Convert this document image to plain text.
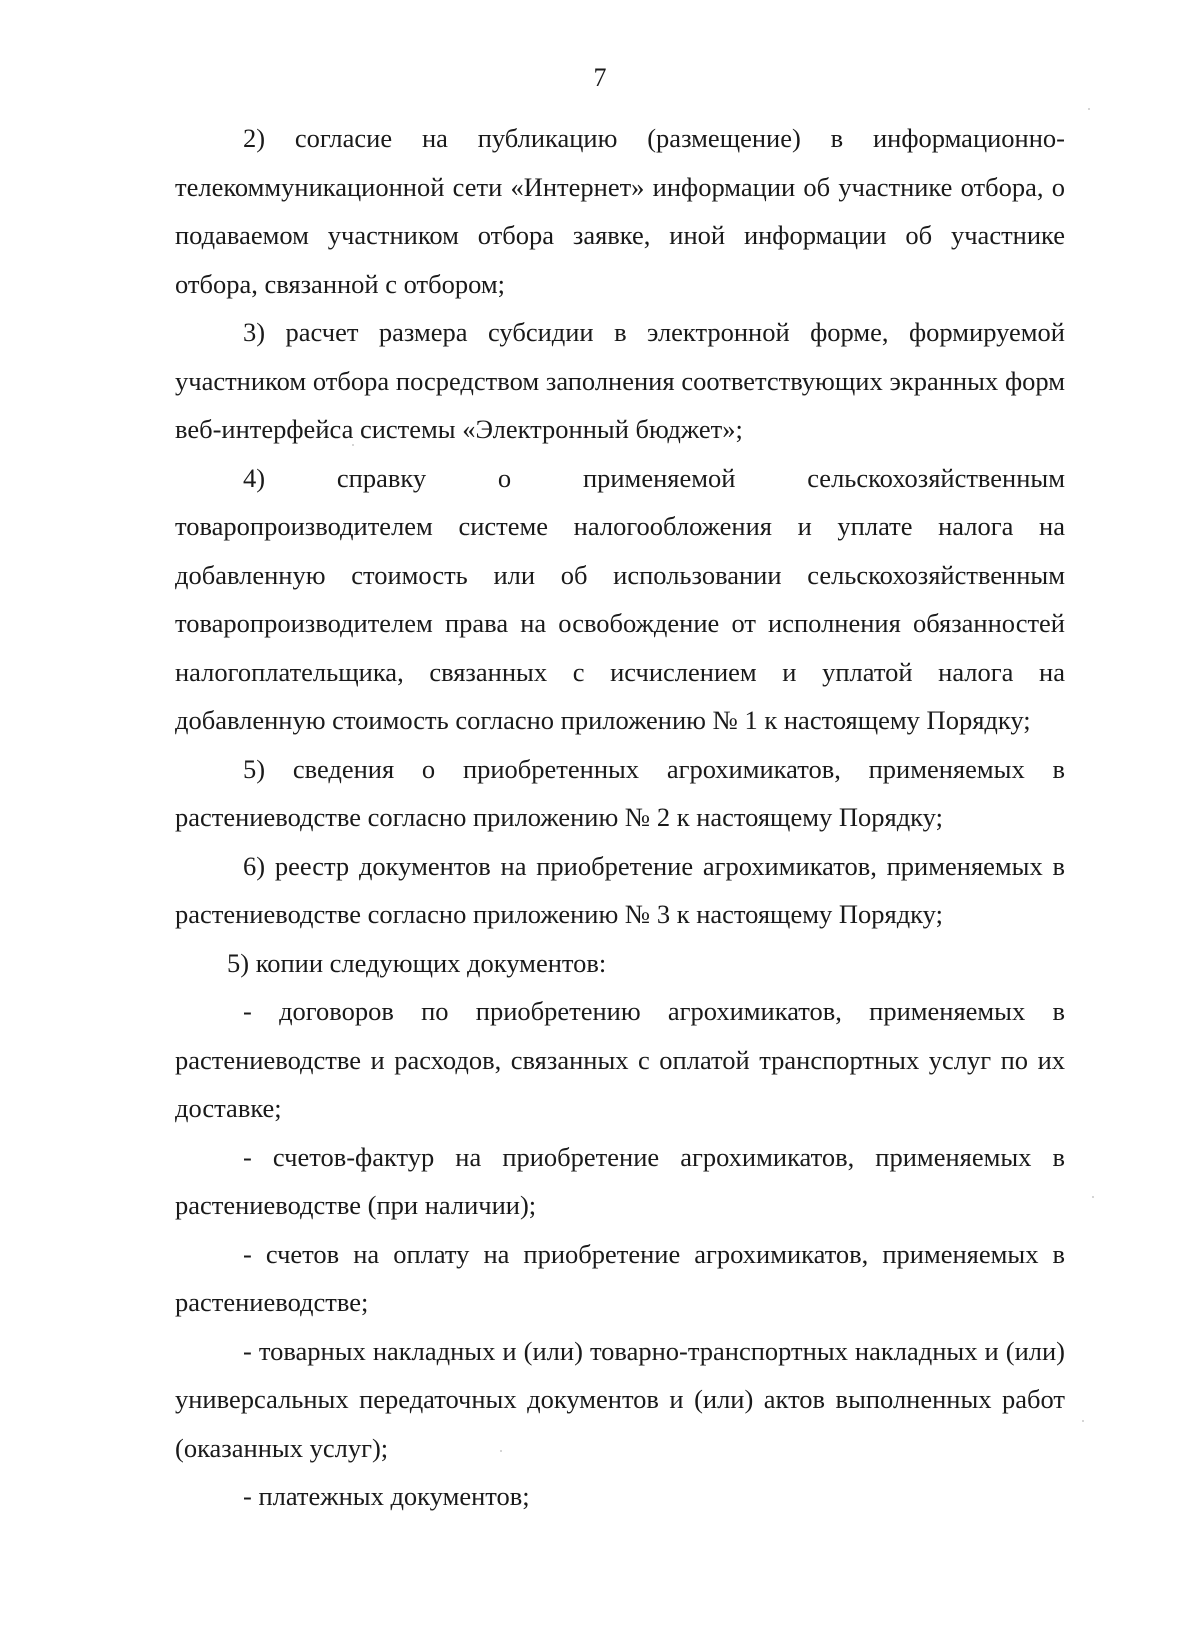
7

2) согласие на публикацию (размещение) в информационно-телекоммуникационной сети «Интернет» информации об участнике отбора, о подаваемом участником отбора заявке, иной информации об участнике отбора, связанной с отбором;

3) расчет размера субсидии в электронной форме, формируемой участником отбора посредством заполнения соответствующих экранных форм веб-интерфейса системы «Электронный бюджет»;

4) справку о применяемой сельскохозяйственным товаропроизводителем системе налогообложения и уплате налога на добавленную стоимость или об использовании сельскохозяйственным товаропроизводителем права на освобождение от исполнения обязанностей налогоплательщика, связанных с исчислением и уплатой налога на добавленную стоимость согласно приложению № 1 к настоящему Порядку;

5) сведения о приобретенных агрохимикатов, применяемых в растениеводстве согласно приложению № 2 к настоящему Порядку;

6) реестр документов на приобретение агрохимикатов, применяемых в растениеводстве согласно приложению № 3 к настоящему Порядку;

5) копии следующих документов:

- договоров по приобретению агрохимикатов, применяемых в растениеводстве и расходов, связанных с оплатой транспортных услуг по их доставке;

- счетов-фактур на приобретение агрохимикатов, применяемых в растениеводстве (при наличии);

- счетов на оплату на приобретение агрохимикатов, применяемых в растениеводстве;

- товарных накладных и (или) товарно-транспортных накладных и (или) универсальных передаточных документов и (или) актов выполненных работ (оказанных услуг);

- платежных документов;
